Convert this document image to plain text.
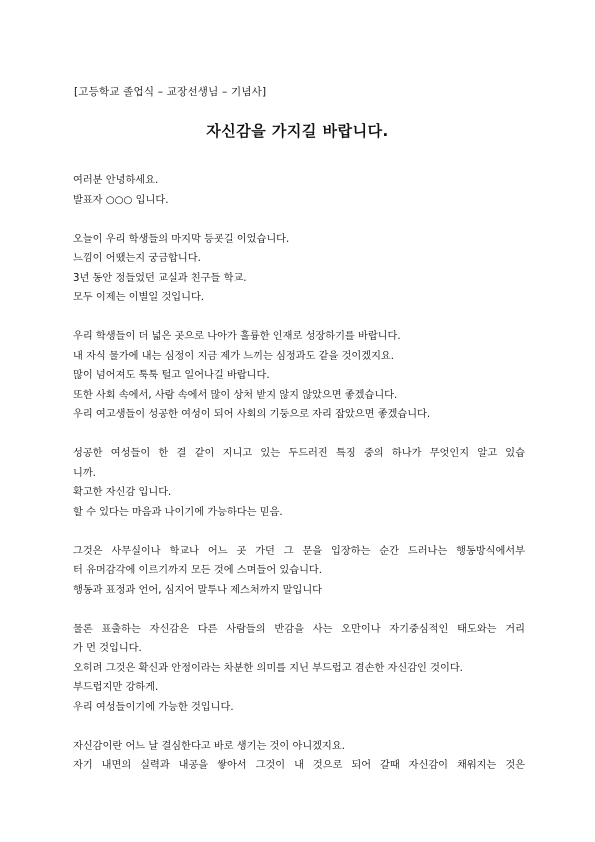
[고등학교 졸업식 – 교장선생님 – 기념사]
자신감을 가지길 바랍니다.
여러분 안녕하세요.
발표자 ○○○ 입니다.
오늘이 우리 학생들의 마지막 등굣길 이었습니다.
느낌이 어땠는지 궁금합니다.
3년 동안 정들었던 교실과 친구들 학교.
모두 이제는 이별일 것입니다.
우리 학생들이 더 넓은 곳으로 나아가 훌륭한 인재로 성장하기를 바랍니다.
내 자식 물가에 내는 심정이 지금 제가 느끼는 심정과도 같을 것이겠지요.
많이 넘어져도 툭툭 털고 일어나길 바랍니다.
또한 사회 속에서, 사람 속에서 많이 상처 받지 않지 않았으면 좋겠습니다.
우리 여고생들이 성공한 여성이 되어 사회의 기둥으로 자리 잡았으면 좋겠습니다.
성공한 여성들이 한 결 같이 지니고 있는 두드러진 특징 중의 하나가 무엇인지 알고 있습
니까.
확고한 자신감 입니다.
할 수 있다는 마음과 나이기에 가능하다는 믿음.
그것은 사무실이나 학교나 어느 곳 가던 그 문을 입장하는 순간 드러나는 행동방식에서부
터 유머감각에 이르기까지 모든 것에 스며들어 있습니다.
행동과 표정과 언어, 심지어 말투나 제스처까지 말입니다
물론 표출하는 자신감은 다른 사람들의 반감을 사는 오만이나 자기중심적인 태도와는 거리
가 먼 것입니다.
오히려 그것은 확신과 안정이라는 차분한 의미를 지닌 부드럽고 겸손한 자신감인 것이다.
부드럽지만 강하게.
우리 여성들이기에 가능한 것입니다.
자신감이란 어느 날 결심한다고 바로 생기는 것이 아니겠지요.
자기 내면의 실력과 내공을 쌓아서 그것이 내 것으로 되어 갈때 자신감이 채워지는 것은
